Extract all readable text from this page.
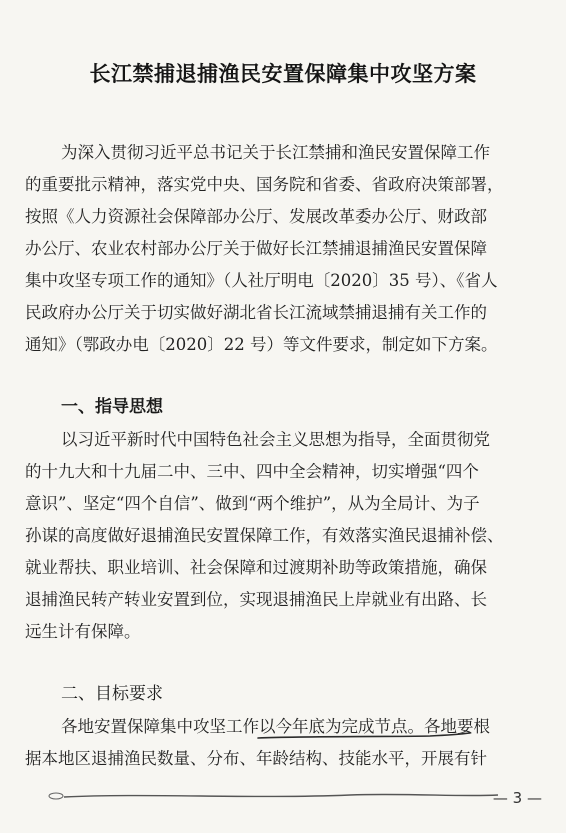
长江禁捕退捕渔民安置保障集中攻坚方案
为深入贯彻习近平总书记关于长江禁捕和渔民安置保障工作
的重要批示精神，落实党中央、国务院和省委、省政府决策部署，
按照《人力资源社会保障部办公厅、发展改革委办公厅、财政部
办公厅、农业农村部办公厅关于做好长江禁捕退捕渔民安置保障
集中攻坚专项工作的通知》（人社厅明电〔2020〕35 号）、《省人
民政府办公厅关于切实做好湖北省长江流域禁捕退捕有关工作的
通知》（鄂政办电〔2020〕22 号）等文件要求，制定如下方案。
一、指导思想
以习近平新时代中国特色社会主义思想为指导，全面贯彻党
的十九大和十九届二中、三中、四中全会精神，切实增强“四个
意识”、坚定“四个自信”、做到“两个维护”，从为全局计、为子
孙谋的高度做好退捕渔民安置保障工作，有效落实渔民退捕补偿、
就业帮扶、职业培训、社会保障和过渡期补助等政策措施，确保
退捕渔民转产转业安置到位，实现退捕渔民上岸就业有出路、长
远生计有保障。
二、目标要求
各地安置保障集中攻坚工作以今年底为完成节点。各地要根
据本地区退捕渔民数量、分布、年龄结构、技能水平，开展有针
— 3 —
